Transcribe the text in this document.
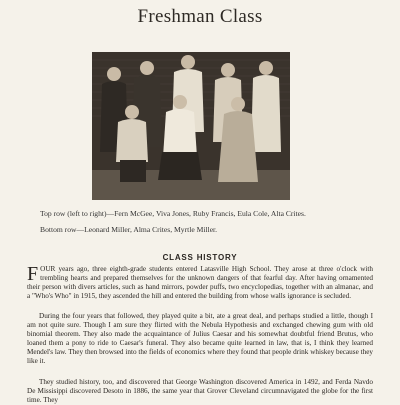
Freshman Class
Top row (left to right)—Fern McGee, Viva Jones, Ruby Francis, Eula Cole, Alta Crites.
Bottom row—Leonard Miller, Alma Crites, Myrtle Miller.
CLASS HISTORY

FOUR years ago, three eighth-grade students entered Latasville High School. They arose at three o'clock with trembling hearts and prepared themselves for the unknown dangers of that fearful day. After having ornamented their person with divers articles, such as hand mirrors, powder puffs, two encyclopedias, together with an almanac, and a "Who's Who" in 1915, they ascended the hill and entered the building from whose walls ignorance is secluded.

During the four years that followed, they played quite a bit, ate a great deal, and perhaps studied a little, though I am not quite sure. Though I am sure they flirted with the Nebula Hypothesis and exchanged chewing gum with old binomial theorem. They also made the acquaintance of Julius Caesar and his somewhat doubtful friend Brutus, who loaned them a pony to ride to Caesar's funeral. They also became quite learned in law, that is, I think they learned Mendel's law. They then browsed into the fields of economics where they found that people drink whiskey because they like it.

They studied history, too, and discovered that George Washington discovered America in 1492, and Ferda Navdo De Missisippi discovered Desoto in 1886, the same year that Grover Cleveland circumnavigated the globe for the first time. They
